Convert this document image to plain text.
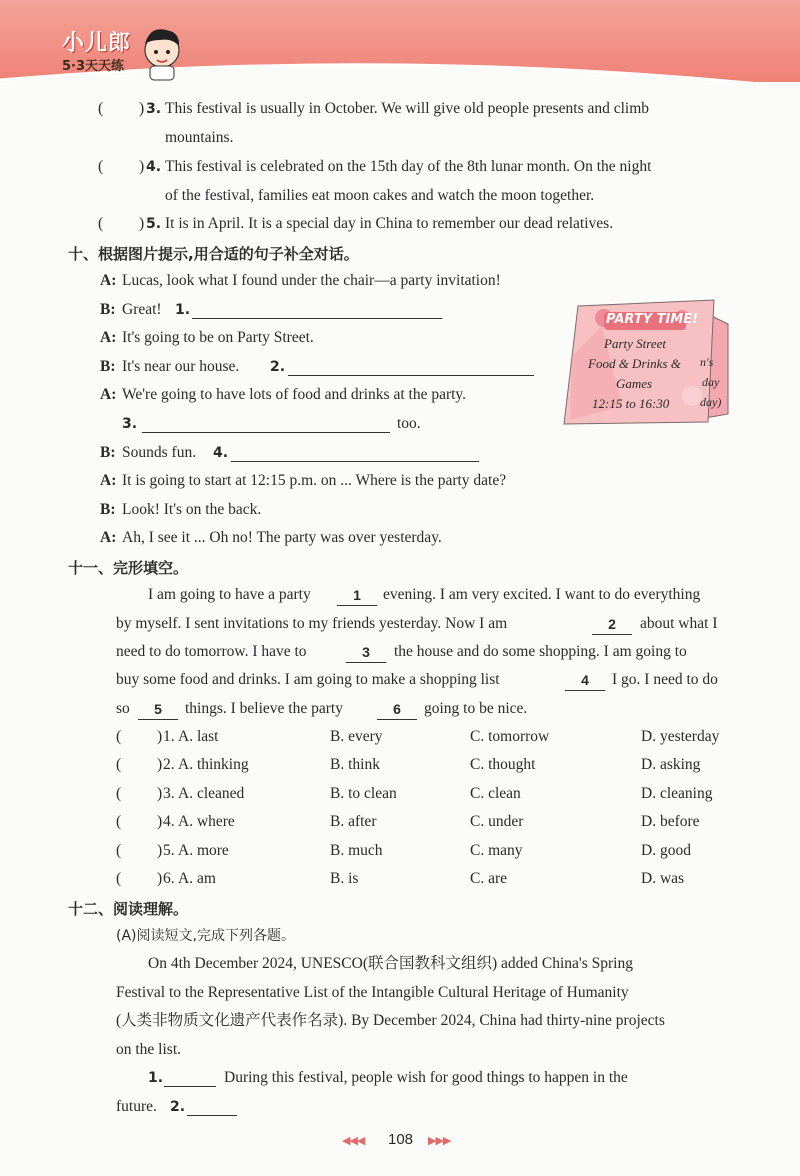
小儿郎
5·3天天练
( ) 3. This festival is usually in October. We will give old people presents and climb
mountains.
( ) 4. This festival is celebrated on the 15th day of the 8th lunar month. On the night
of the festival, families eat moon cakes and watch the moon together.
( ) 5. It is in April. It is a special day in China to remember our dead relatives.
十、根据图片提示,用合适的句子补全对话。
A: Lucas, look what I found under the chair—a party invitation!
B: Great! 1.
A: It's going to be on Party Street.
B: It's near our house. 2.
A: We're going to have lots of food and drinks at the party.
3.	too.
B: Sounds fun. 4.
A: It is going to start at 12:15 p.m. on ... Where is the party date?
B: Look! It's on the back.
A: Ah, I see it ... Oh no! The party was over yesterday.
PARTY TIME!
Party Street
Food & Drinks &
Games
12:15 to 16:30
n's
day
day)
十一、完形填空。
I am going to have a party	1	evening. I am very excited. I want to do everything
by myself. I sent invitations to my friends yesterday. Now I am	2	about what I
need to do tomorrow. I have to	3	the house and do some shopping. I am going to
buy some food and drinks. I am going to make a shopping list	4	I go. I need to do
so	5	things. I believe the party	6	going to be nice.
( ) 1. A. last	B. every	C. tomorrow	D. yesterday
( ) 2. A. thinking	B. think	C. thought	D. asking
( ) 3. A. cleaned	B. to clean	C. clean	D. cleaning
( ) 4. A. where	B. after	C. under	D. before
( ) 5. A. more	B. much	C. many	D. good
( ) 6. A. am	B. is	C. are	D. was
十二、阅读理解。
(A)阅读短文,完成下列各题。
On 4th December 2024, UNESCO(联合国教科文组织) added China's Spring
Festival to the Representative List of the Intangible Cultural Heritage of Humanity
(人类非物质文化遗产代表作名录). By December 2024, China had thirty-nine projects
on the list.
1.	During this festival, people wish for good things to happen in the
future. 2.
◀◀◀ 108 ▶▶▶
